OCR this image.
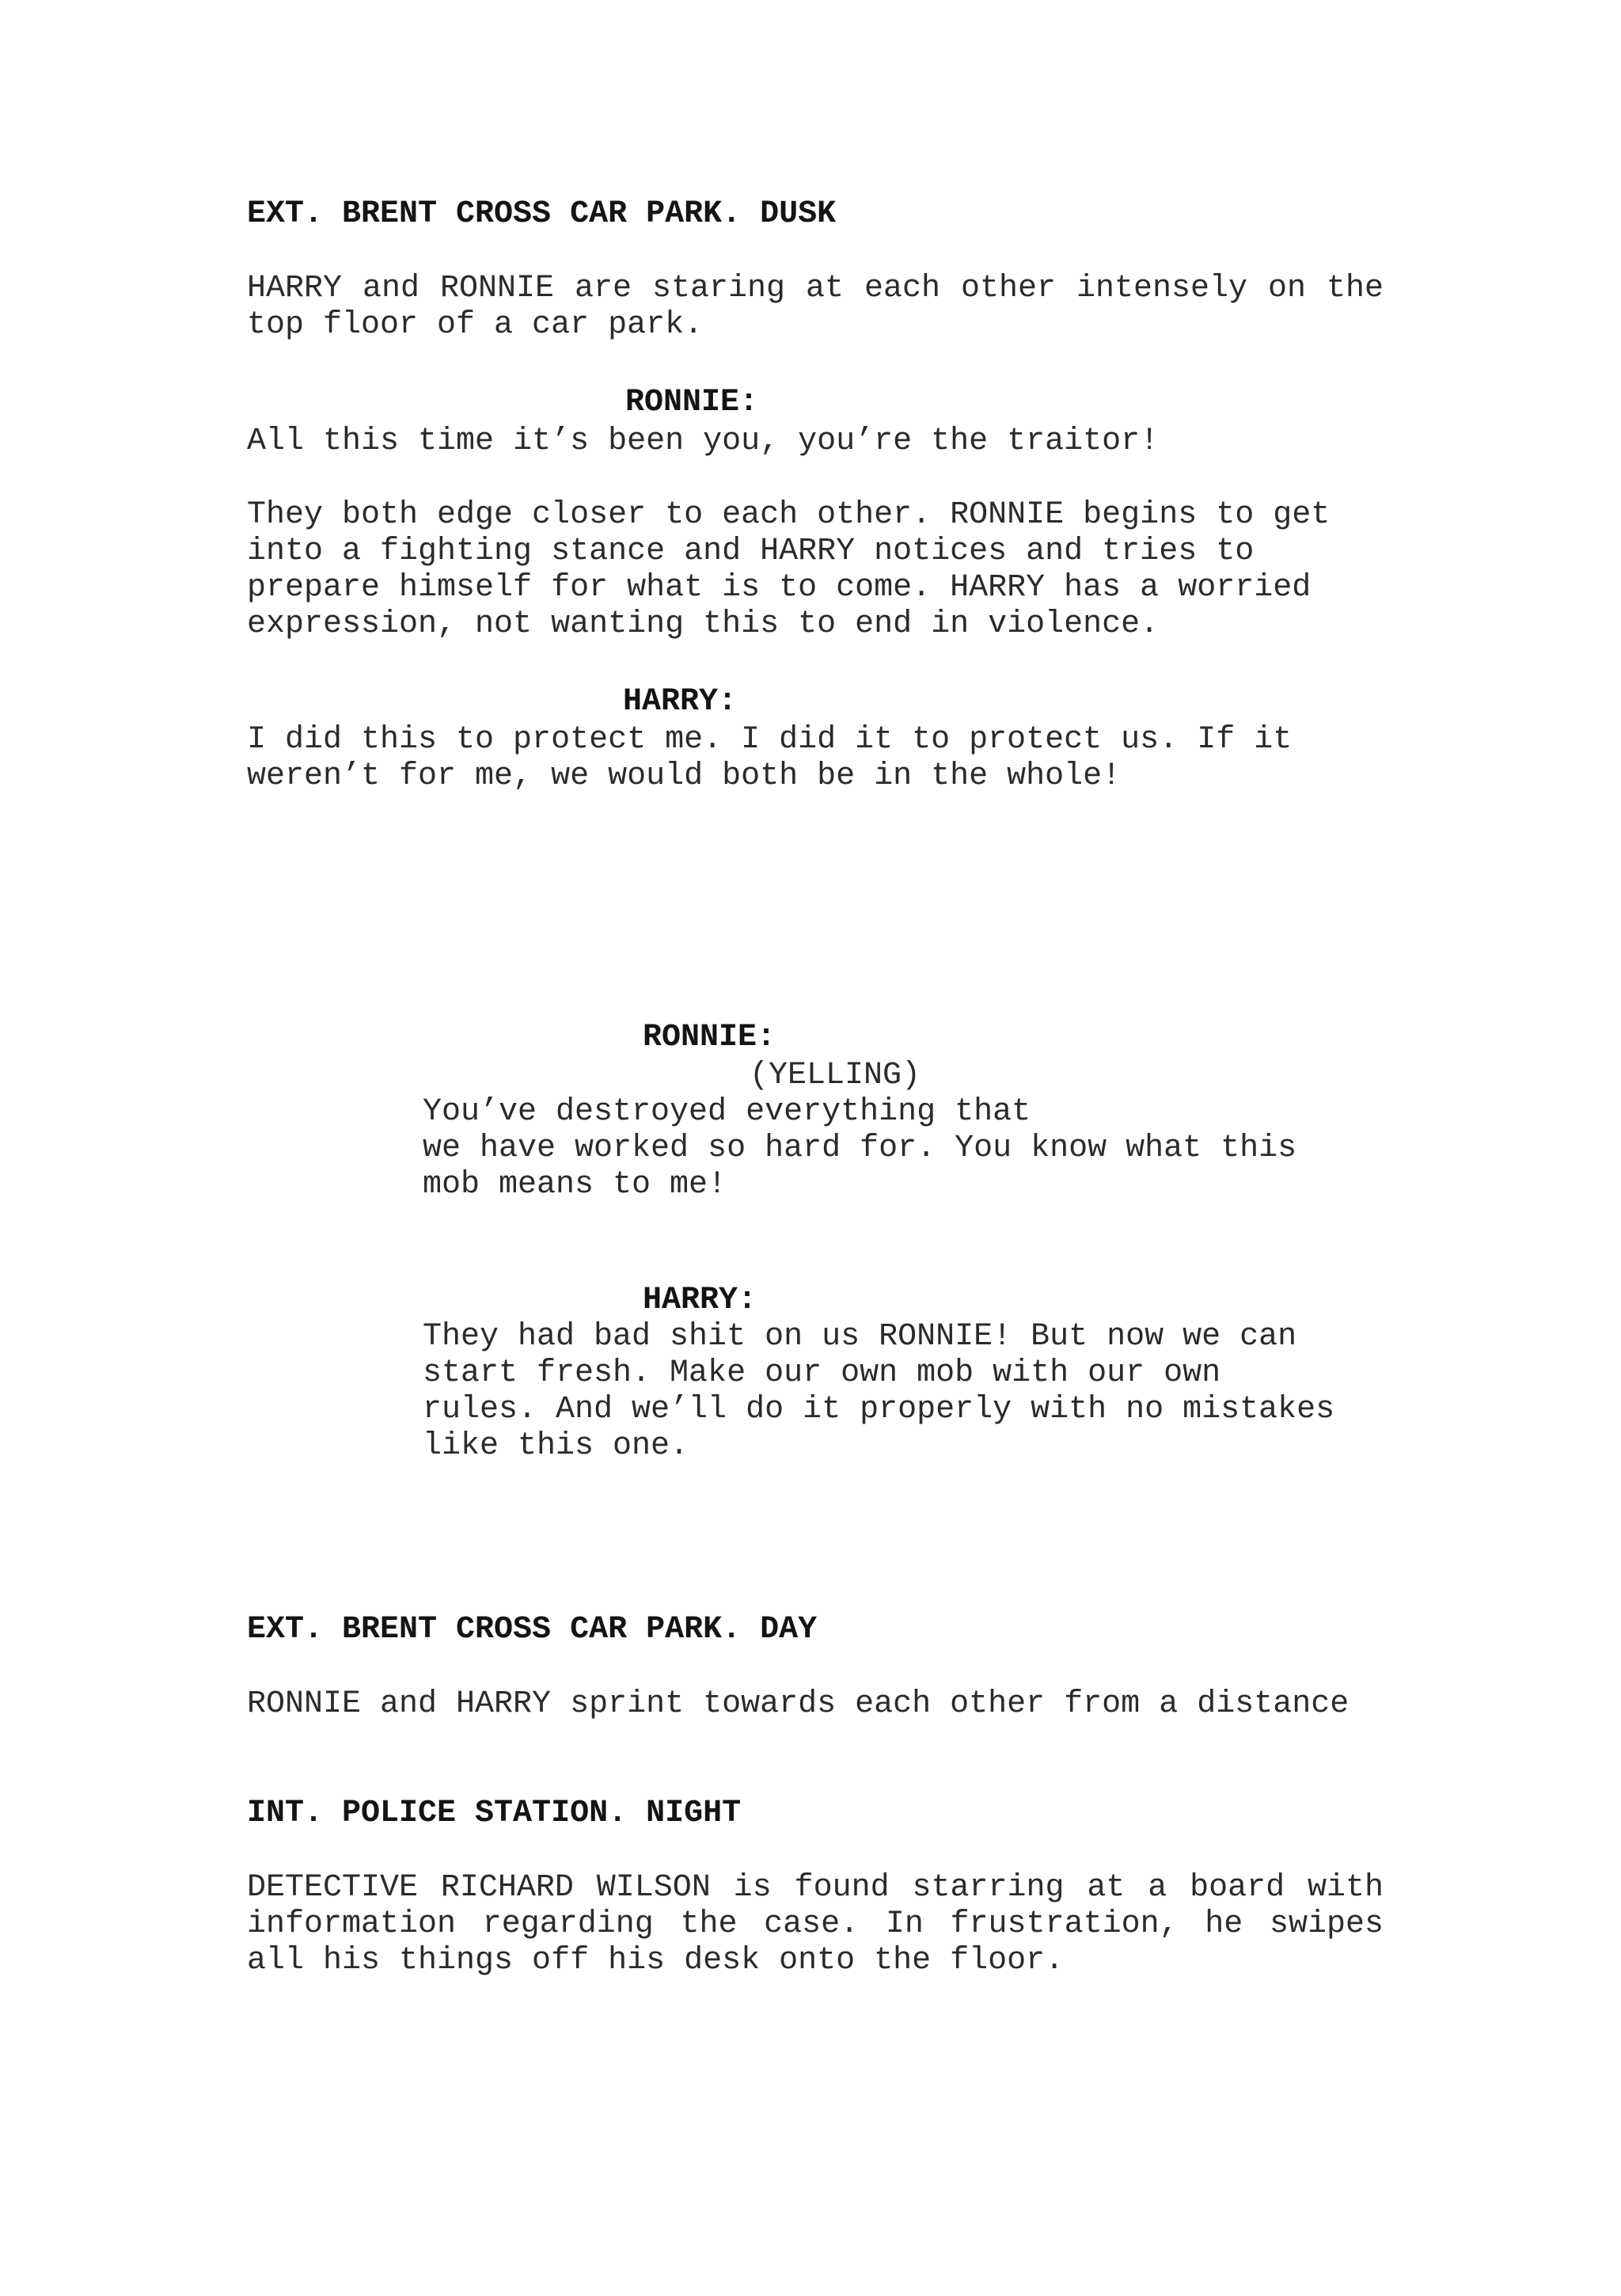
EXT. BRENT CROSS CAR PARK. DUSK

HARRY and RONNIE are staring at each other intensely on the top floor of a car park.

RONNIE:
All this time it’s been you, you’re the traitor!
They both edge closer to each other. RONNIE begins to get
into a fighting stance and HARRY notices and tries to
prepare himself for what is to come. HARRY has a worried
expression, not wanting this to end in violence.
HARRY:
I did this to protect me. I did it to protect us. If it
weren’t for me, we would both be in the whole!
RONNIE:
(YELLING)
You’ve destroyed everything that
we have worked so hard for. You know what this
mob means to me!
HARRY:
They had bad shit on us RONNIE! But now we can
start fresh. Make our own mob with our own
rules. And we’ll do it properly with no mistakes
like this one.
EXT. BRENT CROSS CAR PARK. DAY

RONNIE and HARRY sprint towards each other from a distance

INT. POLICE STATION. NIGHT

DETECTIVE RICHARD WILSON is found starring at a board with information regarding the case. In frustration, he swipes all his things off his desk onto the floor.
